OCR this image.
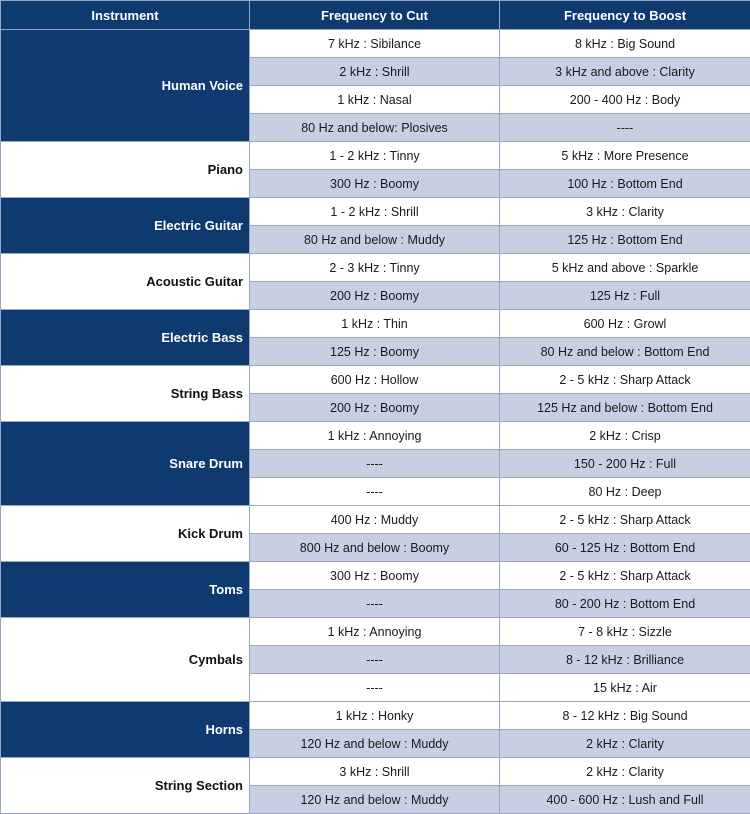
Instrument	Frequency to Cut	Frequency to Boost
Human Voice	7 kHz : Sibilance	8 kHz : Big Sound
	2 kHz : Shrill	3 kHz and above : Clarity
	1 kHz : Nasal	200 - 400 Hz : Body
	80 Hz and below: Plosives	----
Piano	1 - 2 kHz : Tinny	5 kHz : More Presence
	300 Hz : Boomy	100 Hz : Bottom End
Electric Guitar	1 - 2 kHz : Shrill	3 kHz : Clarity
	80 Hz and below : Muddy	125 Hz : Bottom End
Acoustic Guitar	2 - 3 kHz : Tinny	5 kHz and above : Sparkle
	200 Hz : Boomy	125 Hz : Full
Electric Bass	1 kHz : Thin	600 Hz : Growl
	125 Hz : Boomy	80 Hz and below : Bottom End
String Bass	600 Hz : Hollow	2 - 5 kHz : Sharp Attack
	200 Hz : Boomy	125 Hz and below : Bottom End
Snare Drum	1 kHz : Annoying	2 kHz : Crisp
	----	150 - 200 Hz : Full
	----	80 Hz : Deep
Kick Drum	400 Hz : Muddy	2 - 5 kHz : Sharp Attack
	800 Hz and below : Boomy	60 - 125 Hz : Bottom End
Toms	300 Hz : Boomy	2 - 5 kHz : Sharp Attack
	----	80 - 200 Hz : Bottom End
Cymbals	1 kHz : Annoying	7 - 8 kHz : Sizzle
	----	8 - 12 kHz : Brilliance
	----	15 kHz : Air
Horns	1 kHz : Honky	8 - 12 kHz : Big Sound
	120 Hz and below : Muddy	2 kHz : Clarity
String Section	3 kHz : Shrill	2 kHz : Clarity
	120 Hz and below : Muddy	400 - 600 Hz : Lush and Full
